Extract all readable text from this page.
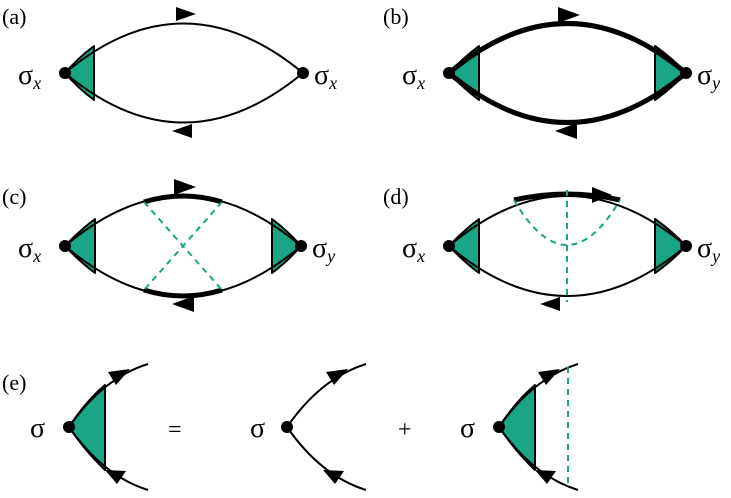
(a)
σx	σx
(b)
σx	σy
(c)
σx	σy
(d)
σx	σy
(e)
σ	= σ	+ σ
